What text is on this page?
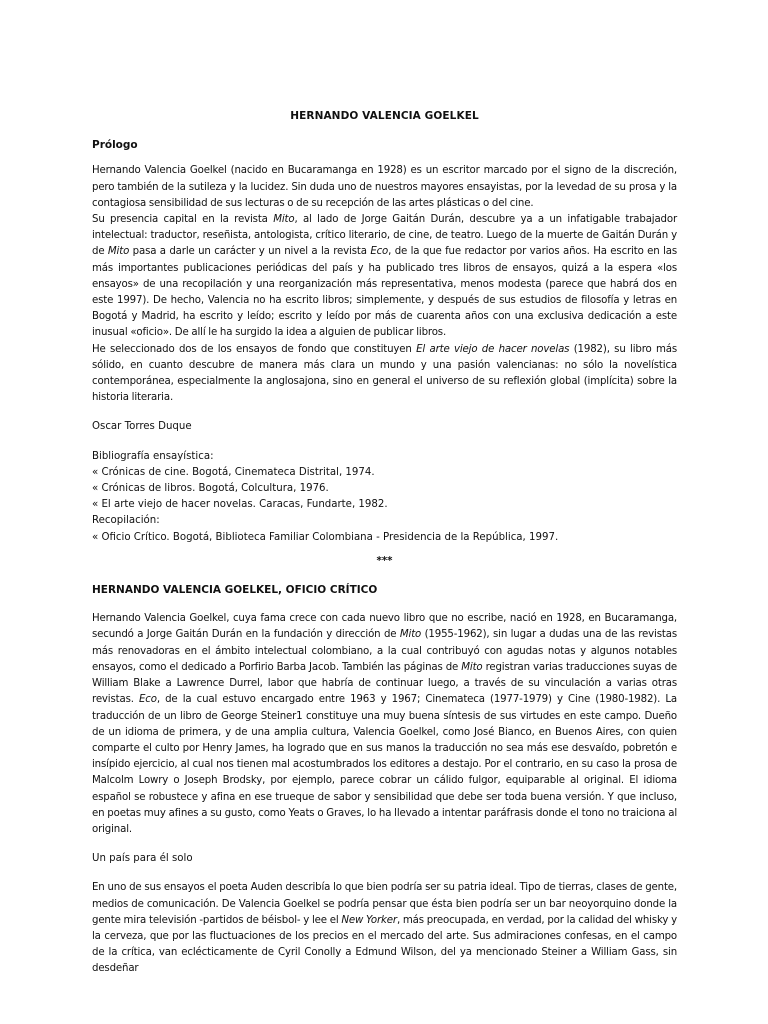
HERNANDO VALENCIA GOELKEL
Prólogo

Hernando Valencia Goelkel (nacido en Bucaramanga en 1928) es un escritor marcado por el signo de la discreción, pero también de la sutileza y la lucidez. Sin duda uno de nuestros mayores ensayistas, por la levedad de su prosa y la contagiosa sensibilidad de sus lecturas o de su recepción de las artes plásticas o del cine.

Su presencia capital en la revista Mito, al lado de Jorge Gaitán Durán, descubre ya a un infatigable trabajador intelectual: traductor, reseñista, antologista, crítico literario, de cine, de teatro. Luego de la muerte de Gaitán Durán y de Mito pasa a darle un carácter y un nivel a la revista Eco, de la que fue redactor por varios años. Ha escrito en las más importantes publicaciones periódicas del país y ha publicado tres libros de ensayos, quizá a la espera «los ensayos» de una recopilación y una reorganización más representativa, menos modesta (parece que habrá dos en este 1997). De hecho, Valencia no ha escrito libros; simplemente, y después de sus estudios de filosofía y letras en Bogotá y Madrid, ha escrito y leído; escrito y leído por más de cuarenta años con una exclusiva dedicación a este inusual «oficio». De allí le ha surgido la idea a alguien de publicar libros.

He seleccionado dos de los ensayos de fondo que constituyen El arte viejo de hacer novelas (1982), su libro más sólido, en cuanto descubre de manera más clara un mundo y una pasión valencianas: no sólo la novelística contemporánea, especialmente la anglosajona, sino en general el universo de su reflexión global (implícita) sobre la historia literaria.

Oscar Torres Duque
Bibliografía ensayística:
« Crónicas de cine. Bogotá, Cinemateca Distrital, 1974.
« Crónicas de libros. Bogotá, Colcultura, 1976.
« El arte viejo de hacer novelas. Caracas, Fundarte, 1982.
Recopilación:
« Oficio Crítico. Bogotá, Biblioteca Familiar Colombiana - Presidencia de la República, 1997.
***
HERNANDO VALENCIA GOELKEL, OFICIO CRÍTICO

Hernando Valencia Goelkel, cuya fama crece con cada nuevo libro que no escribe, nació en 1928, en Bucaramanga, secundó a Jorge Gaitán Durán en la fundación y dirección de Mito (1955-1962), sin lugar a dudas una de las revistas más renovadoras en el ámbito intelectual colombiano, a la cual contribuyó con agudas notas y algunos notables ensayos, como el dedicado a Porfirio Barba Jacob. También las páginas de Mito registran varias traducciones suyas de William Blake a Lawrence Durrel, labor que habría de continuar luego, a través de su vinculación a varias otras revistas. Eco, de la cual estuvo encargado entre 1963 y 1967; Cinemateca (1977-1979) y Cine (1980-1982). La traducción de un libro de George Steiner1 constituye una muy buena síntesis de sus virtudes en este campo. Dueño de un idioma de primera, y de una amplia cultura, Valencia Goelkel, como José Bianco, en Buenos Aires, con quien comparte el culto por Henry James, ha logrado que en sus manos la traducción no sea más ese desvaído, pobretón e insípido ejercicio, al cual nos tienen mal acostumbrados los editores a destajo. Por el contrario, en su caso la prosa de Malcolm Lowry o Joseph Brodsky, por ejemplo, parece cobrar un cálido fulgor, equiparable al original. El idioma español se robustece y afina en ese trueque de sabor y sensibilidad que debe ser toda buena versión. Y que incluso, en poetas muy afines a su gusto, como Yeats o Graves, lo ha llevado a intentar paráfrasis donde el tono no traiciona al original.

Un país para él solo

En uno de sus ensayos el poeta Auden describía lo que bien podría ser su patria ideal. Tipo de tierras, clases de gente, medios de comunicación. De Valencia Goelkel se podría pensar que ésta bien podría ser un bar neoyorquino donde la gente mira televisión -partidos de béisbol- y lee el New Yorker, más preocupada, en verdad, por la calidad del whisky y la cerveza, que por las fluctuaciones de los precios en el mercado del arte. Sus admiraciones confesas, en el campo de la crítica, van eclécticamente de Cyril Conolly a Edmund Wilson, del ya mencionado Steiner a William Gass, sin desdeñar
